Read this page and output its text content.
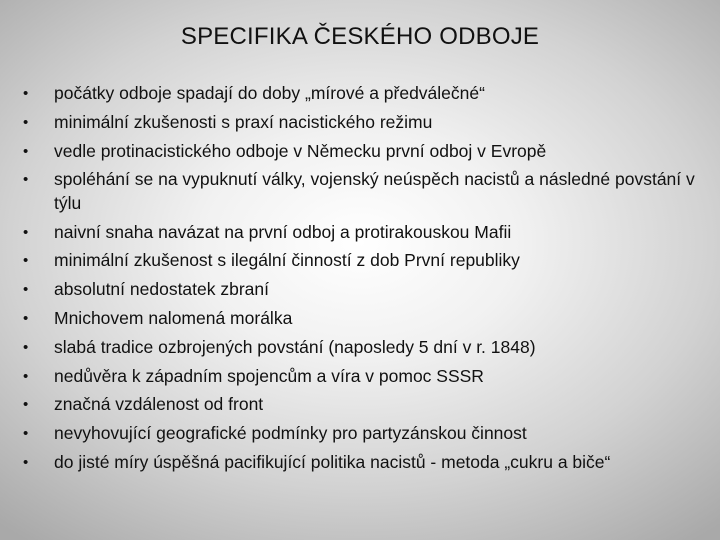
SPECIFIKA ČESKÉHO ODBOJE
• počátky odboje spadají do doby „mírové a předválečné“
• minimální zkušenosti s praxí nacistického režimu
• vedle protinacistického odboje v Německu první odboj v Evropě
• spoléhání se na vypuknutí války, vojenský neúspěch nacistů a následné povstání v týlu
• naivní snaha navázat na první odboj a protirakouskou Mafii
• minimální zkušenost s ilegální činností z dob První republiky
• absolutní nedostatek zbraní
• Mnichovem nalomená morálka
• slabá tradice ozbrojených povstání (naposledy 5 dní v r. 1848)
• nedůvěra k západním spojencům a víra v pomoc SSSR
• značná vzdálenost od front
• nevyhovující geografické podmínky pro partyzánskou činnost
• do jisté míry úspěšná pacifikující politika nacistů - metoda „cukru a biče“
